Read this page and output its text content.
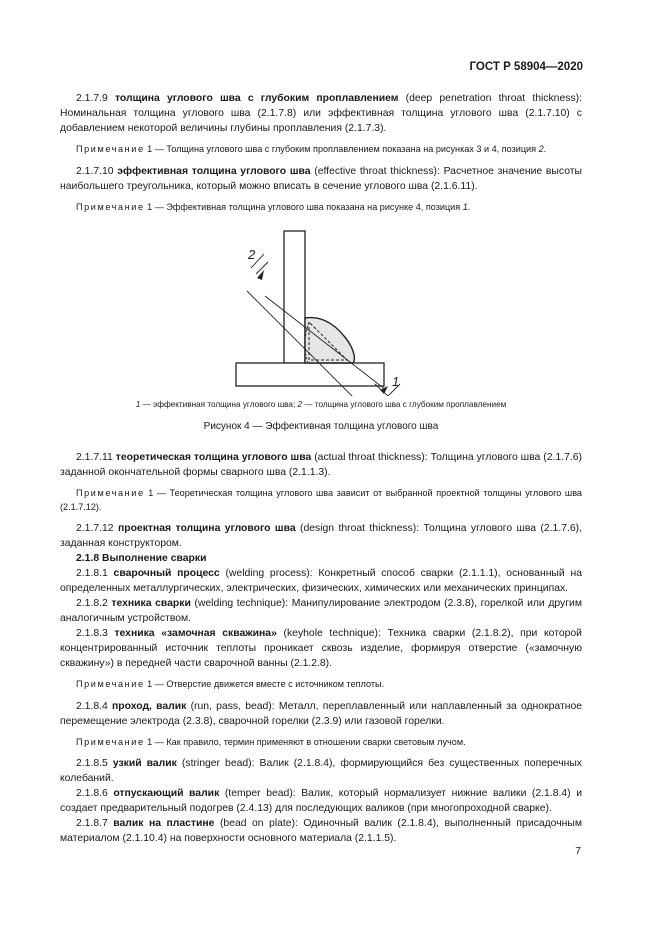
ГОСТ Р 58904—2020

2.1.7.9 толщина углового шва с глубоким проплавлением (deep penetration throat thickness): Номинальная толщина углового шва (2.1.7.8) или эффективная толщина углового шва (2.1.7.10) с добавлением некоторой величины глубины проплавления (2.1.7.3).

Примечание 1 — Толщина углового шва с глубоким проплавлением показана на рисунках 3 и 4, позиция 2.

2.1.7.10 эффективная толщина углового шва (effective throat thickness): Расчетное значение высоты наибольшего треугольника, который можно вписать в сечение углового шва (2.1.6.11).

Примечание 1 — Эффективная толщина углового шва показана на рисунке 4, позиция 1.

2
1
1 — эффективная толщина углового шва; 2 — толщина углового шва с глубоким проплавлением
Рисунок 4 — Эффективная толщина углового шва

2.1.7.11 теоретическая толщина углового шва (actual throat thickness): Толщина углового шва (2.1.7.6) заданной окончательной формы сварного шва (2.1.1.3).

Примечание 1 — Теоретическая толщина углового шва зависит от выбранной проектной толщины углового шва (2.1.7.12).

2.1.7.12 проектная толщина углового шва (design throat thickness): Толщина углового шва (2.1.7.6), заданная конструктором.

2.1.8 Выполнение сварки

2.1.8.1 сварочный процесс (welding process): Конкретный способ сварки (2.1.1.1), основанный на определенных металлургических, электрических, физических, химических или механических принципах.

2.1.8.2 техника сварки (welding technique): Манипулирование электродом (2.3.8), горелкой или другим аналогичным устройством.

2.1.8.3 техника «замочная скважина» (keyhole technique): Техника сварки (2.1.8.2), при которой концентрированный источник теплоты проникает сквозь изделие, формируя отверстие («замочную скважину») в передней части сварочной ванны (2.1.2.8).

Примечание 1 — Отверстие движется вместе с источником теплоты.

2.1.8.4 проход, валик (run, pass, bead): Металл, переплавленный или наплавленный за однократное перемещение электрода (2.3.8), сварочной горелки (2.3.9) или газовой горелки.

Примечание 1 — Как правило, термин применяют в отношении сварки световым лучом.

2.1.8.5 узкий валик (stringer bead): Валик (2.1.8.4), формирующийся без существенных поперечных колебаний.

2.1.8.6 отпускающий валик (temper bead): Валик, который нормализует нижние валики (2.1.8.4) и создает предварительный подогрев (2.4.13) для последующих валиков (при многопроходной сварке).

2.1.8.7 валик на пластине (bead on plate): Одиночный валик (2.1.8.4), выполненный присадочным материалом (2.1.10.4) на поверхности основного материала (2.1.1.5).

7
